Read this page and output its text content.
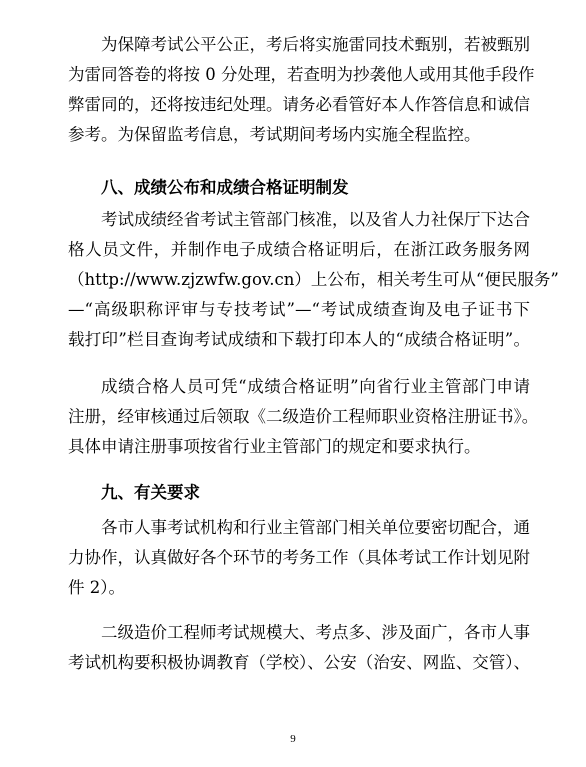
为保障考试公平公正，考后将实施雷同技术甄别，若被甄别

为雷同答卷的将按 0 分处理，若查明为抄袭他人或用其他手段作

弊雷同的，还将按违纪处理。请务必看管好本人作答信息和诚信

参考。为保留监考信息，考试期间考场内实施全程监控。

八、成绩公布和成绩合格证明制发

考试成绩经省考试主管部门核准，以及省人力社保厅下达合

格人员文件，并制作电子成绩合格证明后，在浙江政务服务网

（http://www.zjzwfw.gov.cn）上公布，相关考生可从“便民服务”

—“高级职称评审与专技考试”—“考试成绩查询及电子证书下

载打印”栏目查询考试成绩和下载打印本人的“成绩合格证明”。

成绩合格人员可凭“成绩合格证明”向省行业主管部门申请

注册，经审核通过后领取《二级造价工程师职业资格注册证书》。

具体申请注册事项按省行业主管部门的规定和要求执行。

九、有关要求

各市人事考试机构和行业主管部门相关单位要密切配合，通

力协作，认真做好各个环节的考务工作（具体考试工作计划见附

件 2）。

二级造价工程师考试规模大、考点多、涉及面广，各市人事

考试机构要积极协调教育（学校）、公安（治安、网监、交管）、

9
